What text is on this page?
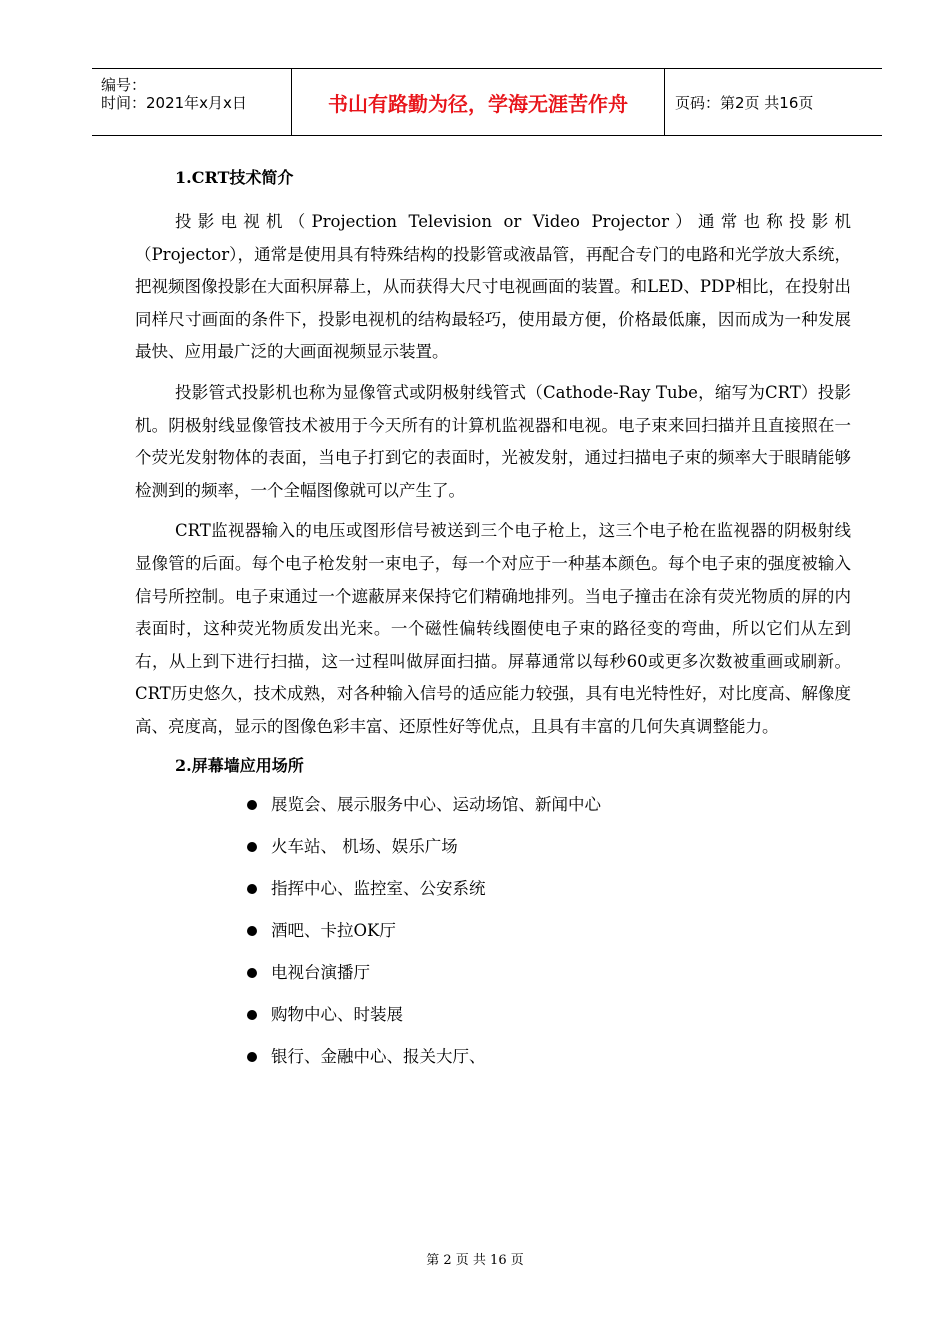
编号：
时间：2021年x月x日	书山有路勤为径，学海无涯苦作舟	页码：第2页 共16页
1.CRT技术简介

投影电视机（Projection Television or Video Projector）通常也称投影机（Projector），通常是使用具有特殊结构的投影管或液晶管，再配合专门的电路和光学放大系统，把视频图像投影在大面积屏幕上，从而获得大尺寸电视画面的装置。和LED、PDP相比，在投射出同样尺寸画面的条件下，投影电视机的结构最轻巧，使用最方便，价格最低廉，因而成为一种发展最快、应用最广泛的大画面视频显示装置。

投影管式投影机也称为显像管式或阴极射线管式（Cathode-Ray Tube，缩写为CRT）投影机。阴极射线显像管技术被用于今天所有的计算机监视器和电视。电子束来回扫描并且直接照在一个荧光发射物体的表面，当电子打到它的表面时，光被发射，通过扫描电子束的频率大于眼睛能够检测到的频率，一个全幅图像就可以产生了。

CRT监视器输入的电压或图形信号被送到三个电子枪上，这三个电子枪在监视器的阴极射线显像管的后面。每个电子枪发射一束电子，每一个对应于一种基本颜色。每个电子束的强度被输入信号所控制。电子束通过一个遮蔽屏来保持它们精确地排列。当电子撞击在涂有荧光物质的屏的内表面时，这种荧光物质发出光来。一个磁性偏转线圈使电子束的路径变的弯曲，所以它们从左到右，从上到下进行扫描，这一过程叫做屏面扫描。屏幕通常以每秒60或更多次数被重画或刷新。CRT历史悠久，技术成熟，对各种输入信号的适应能力较强，具有电光特性好，对比度高、解像度高、亮度高，显示的图像色彩丰富、还原性好等优点，且具有丰富的几何失真调整能力。

2.屏幕墙应用场所
展览会、展示服务中心、运动场馆、新闻中心
火车站、 机场、娱乐广场
指挥中心、监控室、公安系统
酒吧、卡拉OK厅
电视台演播厅
购物中心、时装展
银行、金融中心、报关大厅、
第 2 页 共 16 页
